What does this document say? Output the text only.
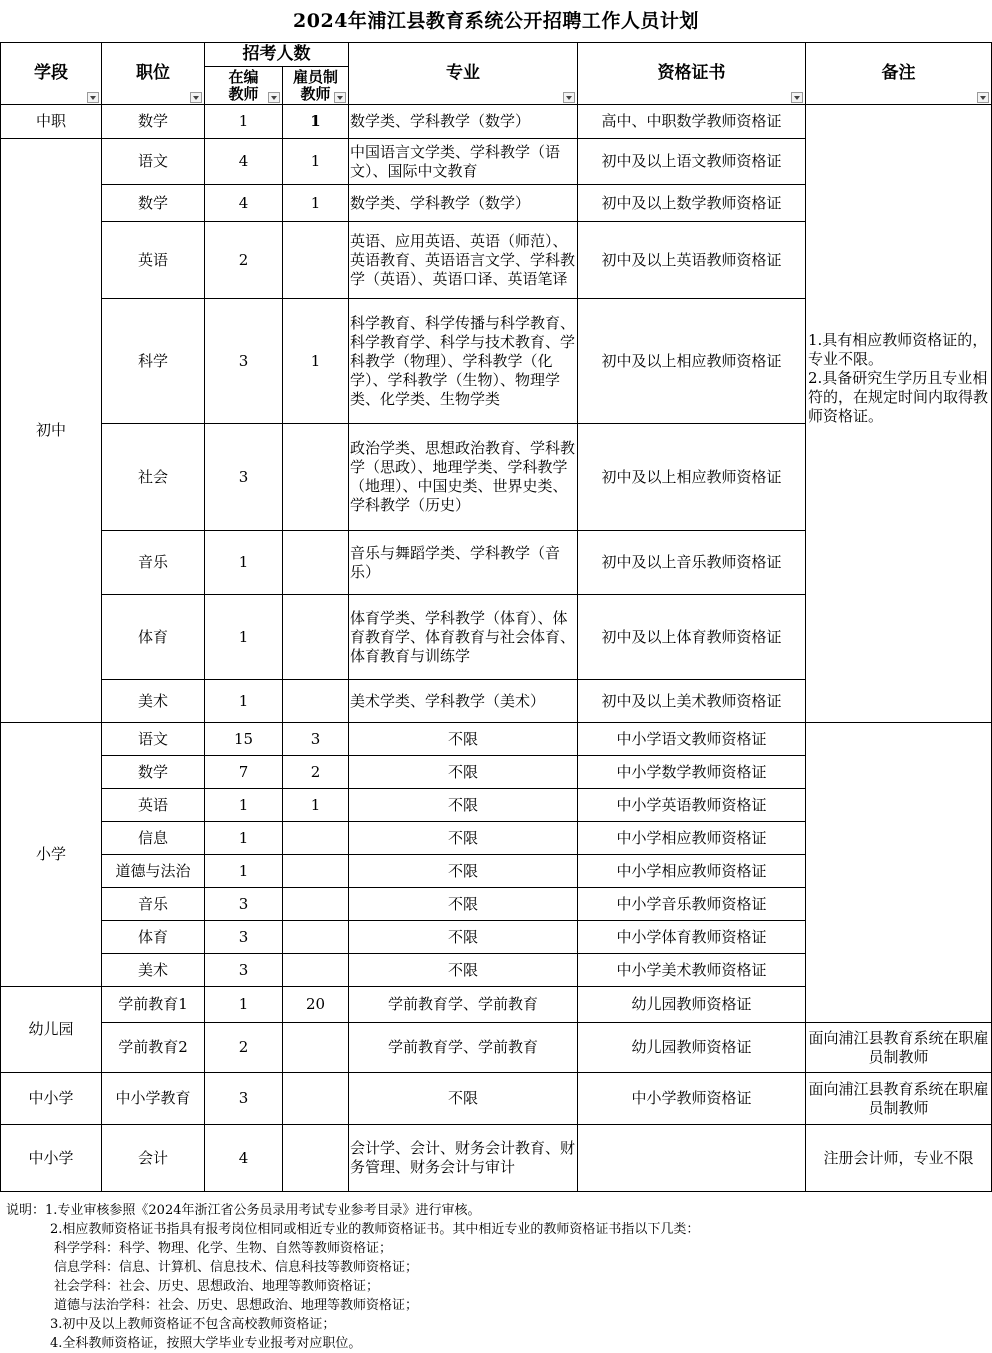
2024年浦江县教育系统公开招聘工作人员计划
学段	职位	招考人数		专业	资格证书	备注

		在编教师	雇员制教师			

中职	数学	1	1	数学类、学科教学（数学）	高中、中职数学教师资格证	1.具有相应教师资格证的，专业不限。
2.具备研究生学历且专业相符的，在规定时间内取得教师资格证。

初中	语文	4	1	中国语言文学类、学科教学（语文）、国际中文教育	初中及以上语文教师资格证	
	数学	4	1	数学类、学科教学（数学）	初中及以上数学教师资格证	
	英语	2		英语、应用英语、英语（师范）、英语教育、英语语言文学、学科教学（英语）、英语口译、英语笔译	初中及以上英语教师资格证	
	科学	3	1	科学教育、科学传播与科学教育、科学教育学、科学与技术教育、学科教学（物理）、学科教学（化学）、学科教学（生物）、物理学类、化学类、生物学类	初中及以上相应教师资格证	
	社会	3		政治学类、思想政治教育、学科教学（思政）、地理学类、学科教学（地理）、中国史类、世界史类、学科教学（历史）	初中及以上相应教师资格证	
	音乐	1		音乐与舞蹈学类、学科教学（音乐）	初中及以上音乐教师资格证	
	体育	1		体育学类、学科教学（体育）、体育教育学、体育教育与社会体育、体育教育与训练学	初中及以上体育教师资格证	
	美术	1		美术学类、学科教学（美术）	初中及以上美术教师资格证	
小学	语文	15	3	不限	中小学语文教师资格证	
	数学	7	2	不限	中小学数学教师资格证	
	英语	1	1	不限	中小学英语教师资格证	
	信息	1		不限	中小学相应教师资格证	
	道德与法治	1		不限	中小学相应教师资格证	
	音乐	3		不限	中小学音乐教师资格证	
	体育	3		不限	中小学体育教师资格证	
	美术	3		不限	中小学美术教师资格证	
幼儿园	学前教育1	1	20	学前教育学、学前教育	幼儿园教师资格证	
	学前教育2	2		学前教育学、学前教育	幼儿园教师资格证	面向浦江县教育系统在职雇员制教师
中小学	中小学教育	3		不限	中小学教师资格证	面向浦江县教育系统在职雇员制教师
中小学	会计	4		会计学、会计、财务会计教育、财务管理、财务会计与审计		注册会计师，专业不限
说明：1.专业审核参照《2024年浙江省公务员录用考试专业参考目录》进行审核。
2.相应教师资格证书指具有报考岗位相同或相近专业的教师资格证书。其中相近专业的教师资格证书指以下几类：
科学学科：科学、物理、化学、生物、自然等教师资格证；
信息学科：信息、计算机、信息技术、信息科技等教师资格证；
社会学科：社会、历史、思想政治、地理等教师资格证；
道德与法治学科：社会、历史、思想政治、地理等教师资格证；
3.初中及以上教师资格证不包含高校教师资格证；
4.全科教师资格证，按照大学毕业专业报考对应职位。
